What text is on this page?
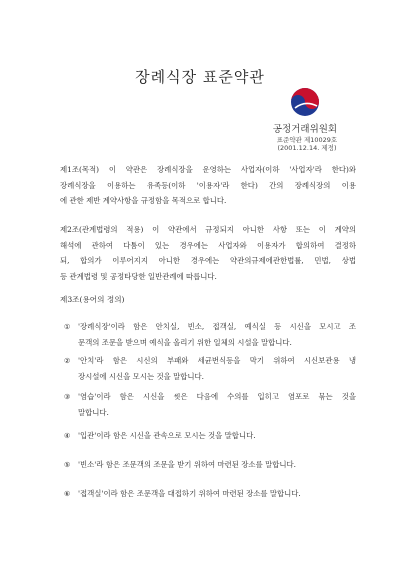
장례식장 표준약관
공정거래위원회
표준약관 제10029호
(2001.12.14. 제정)
제1조(목적) 이 약관은 장례식장을 운영하는 사업자(이하 '사업자'라 한다)와
장례식장을 이용하는 유족등(이하 '이용자'라 한다) 간의 장례식장의 이용
에 관한 제반 계약사항을 규정함을 목적으로 합니다.
제2조(관계법령의 적용) 이 약관에서 규정되지 아니한 사항 또는 이 계약의
해석에 관하여 다툼이 있는 경우에는 사업자와 이용자가 합의하여 결정하
되, 합의가 이루어지지 아니한 경우에는 약관의규제에관한법률, 민법, 상법
등 관계법령 및 공정타당한 일반관례에 따릅니다.
제3조(용어의 정의)
①	'장례식장'이라 함은 안치실, 빈소, 접객실, 예식실 등 시신을 모시고 조
문객의 조문을 받으며 예식을 올리기 위한 일체의 시설을 말합니다.
②	'안치'라 함은 시신의 부패와 세균번식등을 막기 위하여 시신보관용 냉
장시설에 시신을 모시는 것을 말합니다.
③	'염습'이라 함은 시신을 씻은 다음에 수의를 입히고 염포로 묶는 것을
말합니다.
④	'입관'이라 함은 시신을 관속으로 모시는 것을 말합니다.
⑤	'빈소'라 함은 조문객의 조문을 받기 위하여 마련된 장소를 말합니다.
⑥	'접객실'이라 함은 조문객을 대접하기 위하여 마련된 장소를 말합니다.
